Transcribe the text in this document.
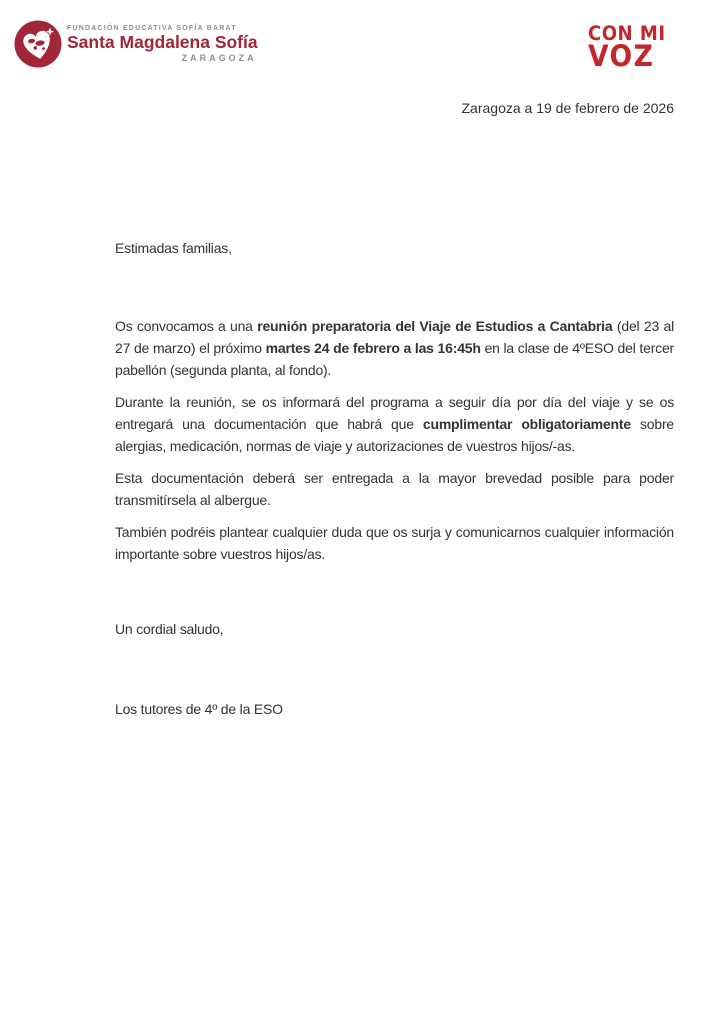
FUNDACIÓN EDUCATIVA SOFÍA BARAT
Santa Magdalena Sofía
ZARAGOZA
CON MI
VOZ
Zaragoza a 19 de febrero de 2026
Estimadas familias,

Os convocamos a una reunión preparatoria del Viaje de Estudios a Cantabria (del 23 al 27 de marzo) el próximo martes 24 de febrero a las 16:45h en la clase de 4ºESO del tercer pabellón (segunda planta, al fondo).

Durante la reunión, se os informará del programa a seguir día por día del viaje y se os entregará una documentación que habrá que cumplimentar obligatoriamente sobre alergias, medicación, normas de viaje y autorizaciones de vuestros hijos/-as.

Esta documentación deberá ser entregada a la mayor brevedad posible para poder transmitírsela al albergue.

También podréis plantear cualquier duda que os surja y comunicarnos cualquier información importante sobre vuestros hijos/as.

Un cordial saludo,
Los tutores de 4º de la ESO
